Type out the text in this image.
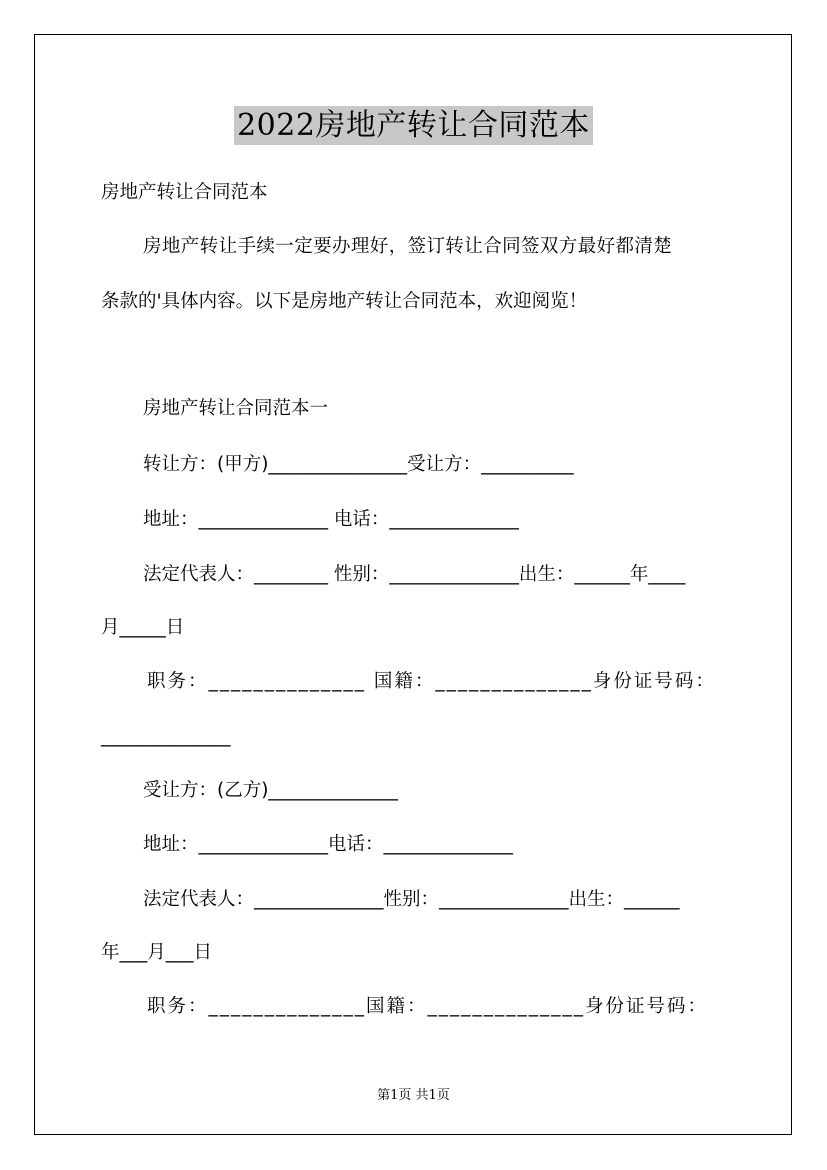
2022房地产转让合同范本
房地产转让合同范本
房地产转让手续一定要办理好，签订转让合同签双方最好都清楚
条款的'具体内容。以下是房地产转让合同范本，欢迎阅览！
房地产转让合同范本一
转让方：(甲方)_______________受让方：__________
地址：______________ 电话：______________
法定代表人：________ 性别：______________出生：______年____
月_____日
职务：______________ 国籍：______________身份证号码：
______________
受让方：(乙方)______________
地址：______________电话：______________
法定代表人：______________性别：______________出生：______
年___月___日
职务：______________国籍：______________身份证号码：
第1页 共1页
